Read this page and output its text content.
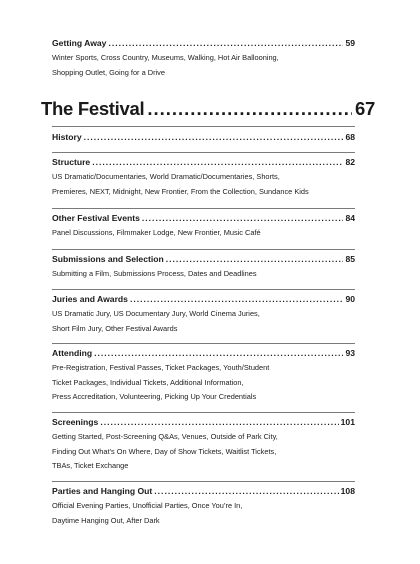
Getting Away .....	59
Winter Sports, Cross Country, Museums, Walking, Hot Air Ballooning,
Shopping Outlet, Going for a Drive
The Festival .....	67
History .....	68
Structure .....	82
US Dramatic/Documentaries, World Dramatic/Documentaries, Shorts,
Premieres, NEXT, Midnight, New Frontier, From the Collection, Sundance Kids
Other Festival Events .....	84
Panel Discussions, Filmmaker Lodge, New Frontier, Music Café
Submissions and Selection .....	85
Submitting a Film, Submissions Process, Dates and Deadlines
Juries and Awards .....	90
US Dramatic Jury, US Documentary Jury, World Cinema Juries,
Short Film Jury, Other Festival Awards
Attending .....	93
Pre-Registration, Festival Passes, Ticket Packages, Youth/Student
Ticket Packages, Individual Tickets, Additional Information,
Press Accreditation, Volunteering, Picking Up Your Credentials
Screenings .....	101
Getting Started, Post-Screening Q&As, Venues, Outside of Park City,
Finding Out What’s On Where, Day of Show Tickets, Waitlist Tickets,
TBAs, Ticket Exchange
Parties and Hanging Out .....	108
Official Evening Parties, Unofficial Parties, Once You’re In,
Daytime Hanging Out, After Dark
